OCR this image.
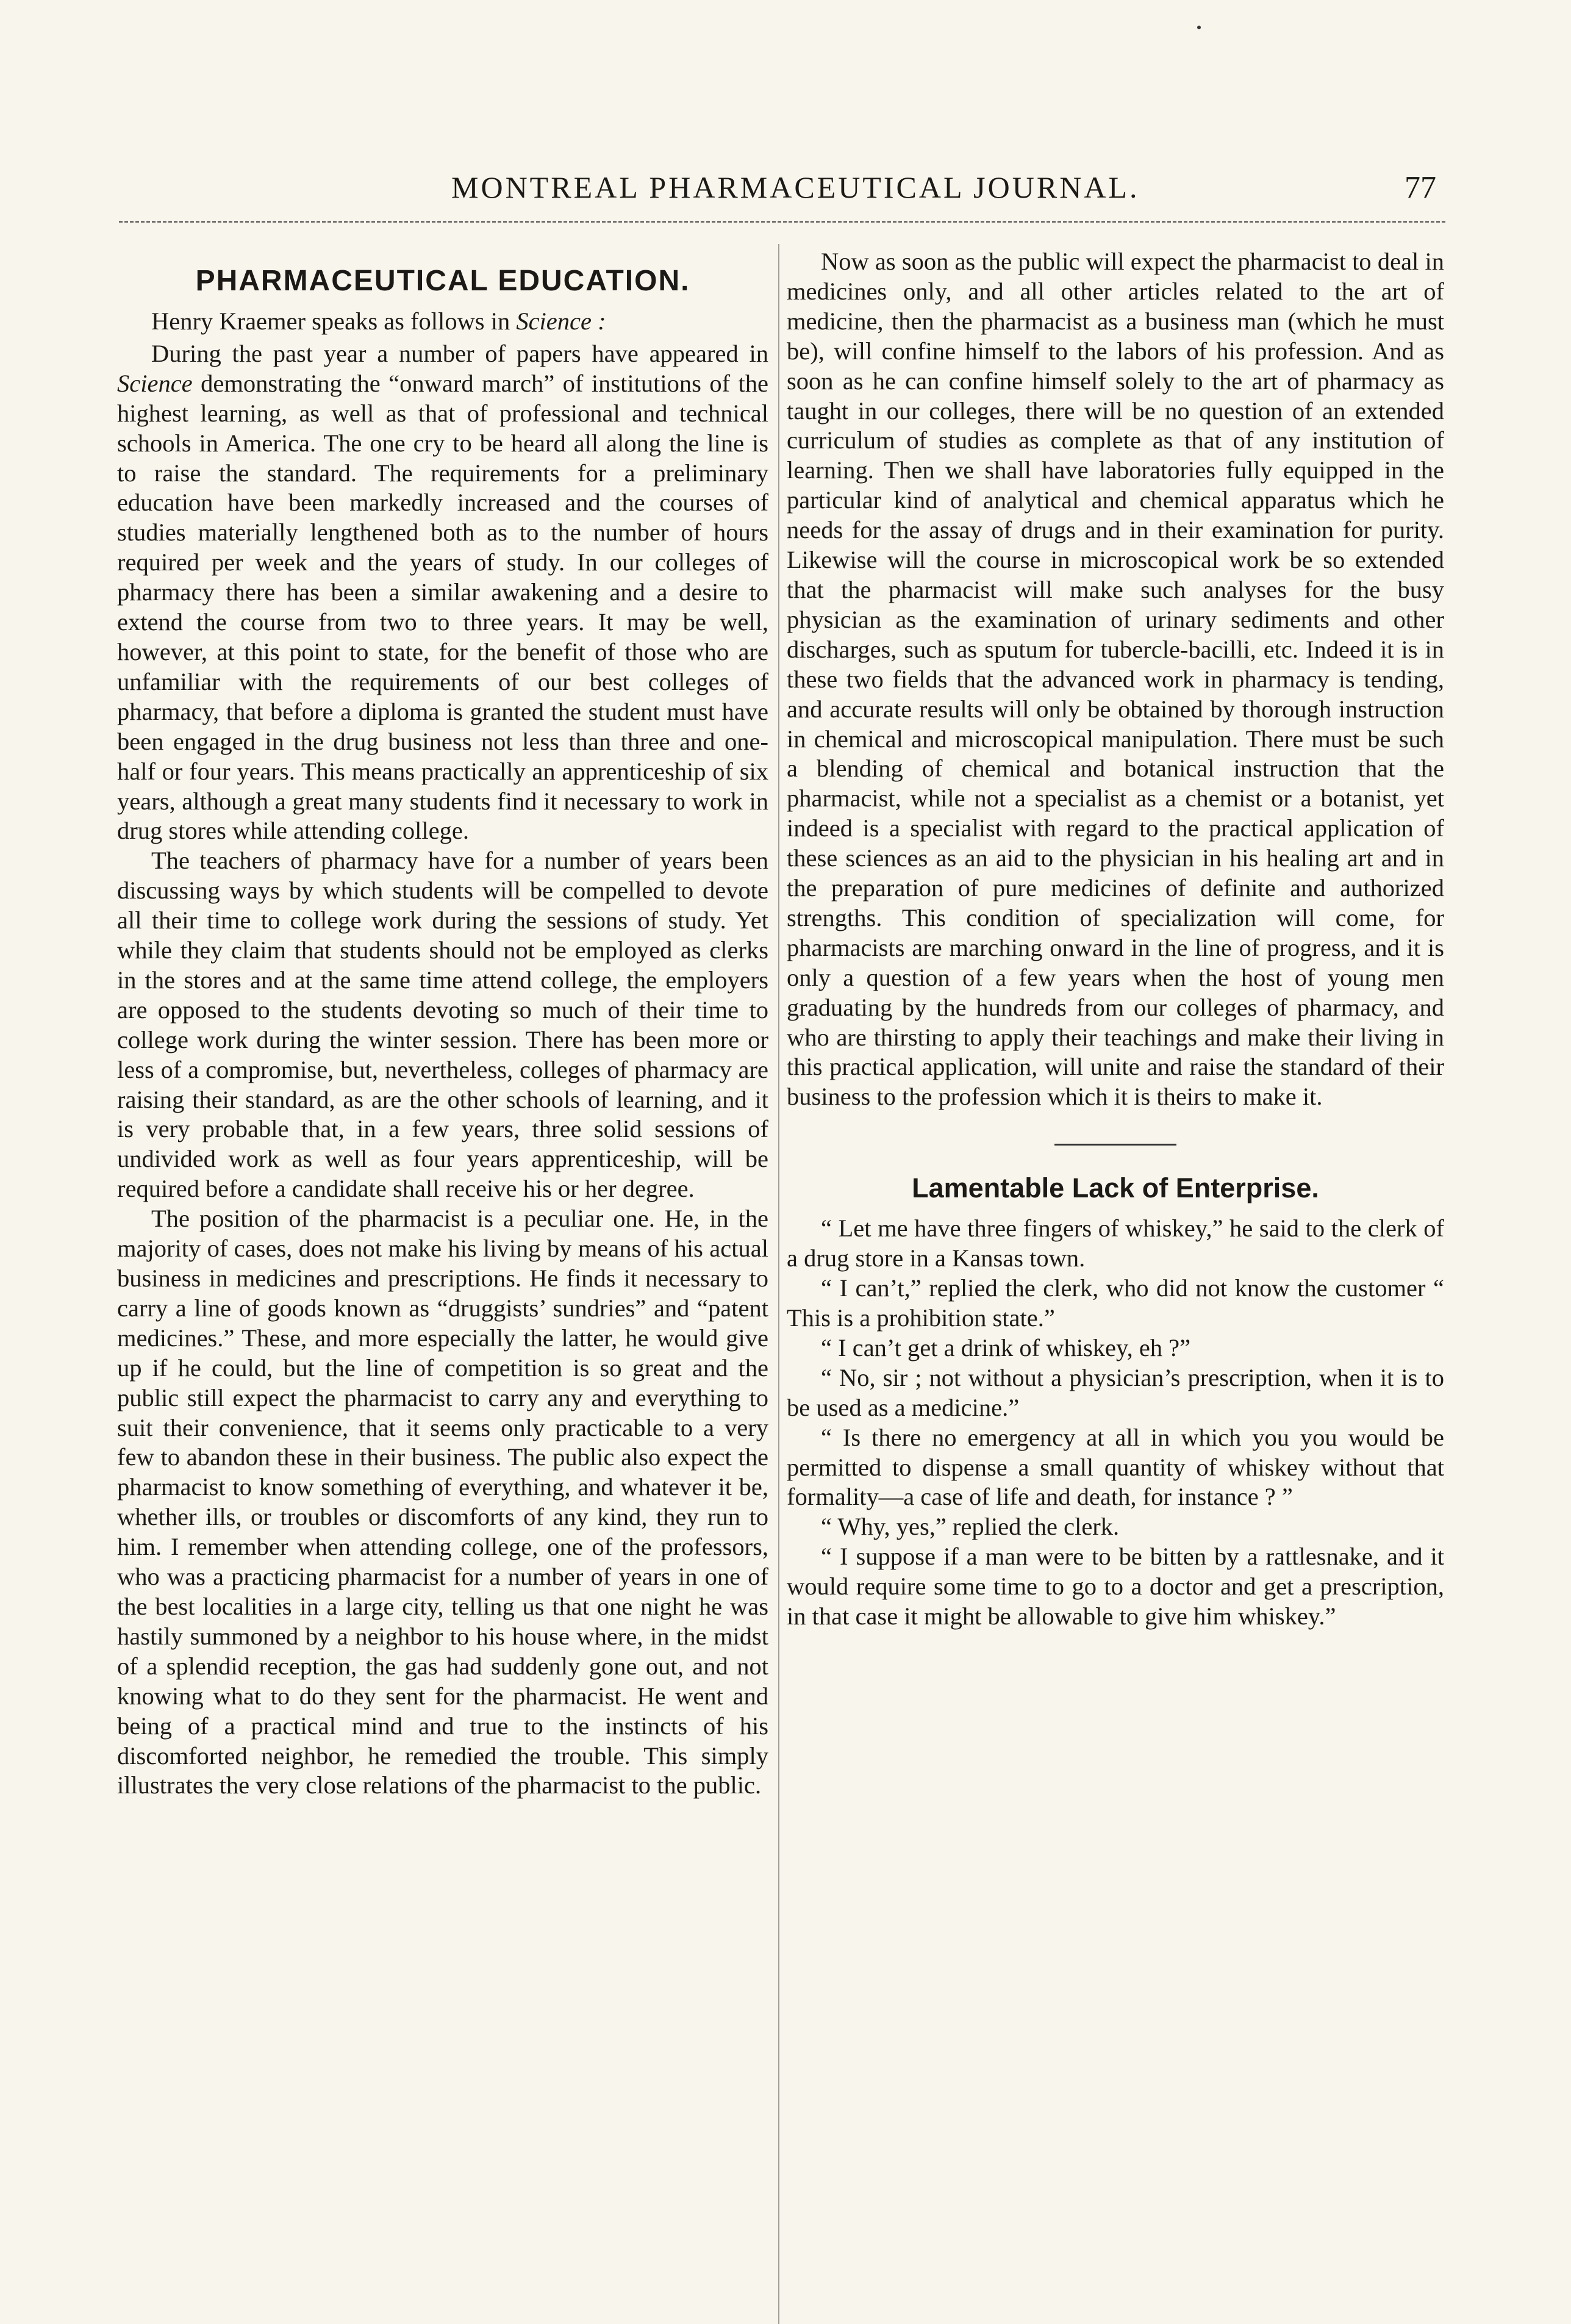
MONTREAL PHARMACEUTICAL JOURNAL.	77
PHARMACEUTICAL EDUCATION.

Henry Kraemer speaks as follows in Science :

During the past year a number of papers have appeared in Science demonstrating the “onward march” of institutions of the highest learning, as well as that of professional and technical schools in America. The one cry to be heard all along the line is to raise the standard. The requirements for a preliminary education have been markedly increased and the courses of studies materially lengthened both as to the number of hours required per week and the years of study. In our colleges of pharmacy there has been a similar awakening and a desire to extend the course from two to three years. It may be well, however, at this point to state, for the benefit of those who are unfamiliar with the requirements of our best colleges of pharmacy, that before a diploma is granted the student must have been engaged in the drug business not less than three and one-half or four years. This means practically an apprenticeship of six years, although a great many students find it necessary to work in drug stores while attending college.

The teachers of pharmacy have for a number of years been discussing ways by which students will be compelled to devote all their time to college work during the sessions of study. Yet while they claim that students should not be employed as clerks in the stores and at the same time attend college, the employers are opposed to the students devoting so much of their time to college work during the winter session. There has been more or less of a compromise, but, nevertheless, colleges of pharmacy are raising their standard, as are the other schools of learning, and it is very probable that, in a few years, three solid sessions of undivided work as well as four years apprenticeship, will be required before a candidate shall receive his or her degree.

The position of the pharmacist is a peculiar one. He, in the majority of cases, does not make his living by means of his actual business in medicines and prescriptions. He finds it necessary to carry a line of goods known as “druggists’ sundries” and “patent medicines.” These, and more especially the latter, he would give up if he could, but the line of competition is so great and the public still expect the pharmacist to carry any and everything to suit their convenience, that it seems only practicable to a very few to abandon these in their business. The public also expect the pharmacist to know something of everything, and whatever it be, whether ills, or troubles or discomforts of any kind, they run to him. I remember when attending college, one of the professors, who was a practicing pharmacist for a number of years in one of the best localities in a large city, telling us that one night he was hastily summoned by a neighbor to his house where, in the midst of a splendid reception, the gas had suddenly gone out, and not knowing what to do they sent for the pharmacist. He went and being of a practical mind and true to the instincts of his discomforted neighbor, he remedied the trouble. This simply illustrates the very close relations of the pharmacist to the public.

Now as soon as the public will expect the pharmacist to deal in medicines only, and all other articles related to the art of medicine, then the pharmacist as a business man (which he must be), will confine himself to the labors of his profession. And as soon as he can confine himself solely to the art of pharmacy as taught in our colleges, there will be no question of an extended curriculum of studies as complete as that of any institution of learning. Then we shall have laboratories fully equipped in the particular kind of analytical and chemical apparatus which he needs for the assay of drugs and in their examination for purity. Likewise will the course in microscopical work be so extended that the pharmacist will make such analyses for the busy physician as the examination of urinary sediments and other discharges, such as sputum for tubercle-bacilli, etc. Indeed it is in these two fields that the advanced work in pharmacy is tending, and accurate results will only be obtained by thorough instruction in chemical and microscopical manipulation. There must be such a blending of chemical and botanical instruction that the pharmacist, while not a specialist as a chemist or a botanist, yet indeed is a specialist with regard to the practical application of these sciences as an aid to the physician in his healing art and in the preparation of pure medicines of definite and authorized strengths. This condition of specialization will come, for pharmacists are marching onward in the line of progress, and it is only a question of a few years when the host of young men graduating by the hundreds from our colleges of pharmacy, and who are thirsting to apply their teachings and make their living in this practical application, will unite and raise the standard of their business to the profession which it is theirs to make it.

Lamentable Lack of Enterprise.

“ Let me have three fingers of whiskey,” he said to the clerk of a drug store in a Kansas town.

“ I can’t,” replied the clerk, who did not know the customer “ This is a prohibition state.”

“ I can’t get a drink of whiskey, eh ?”

“ No, sir ; not without a physician’s prescription, when it is to be used as a medicine.”

“ Is there no emergency at all in which you you would be permitted to dispense a small quantity of whiskey without that formality—a case of life and death, for instance ? ”

“ Why, yes,” replied the clerk.

“ I suppose if a man were to be bitten by a rattlesnake, and it would require some time to go to a doctor and get a prescription, in that case it might be allowable to give him whiskey.”
